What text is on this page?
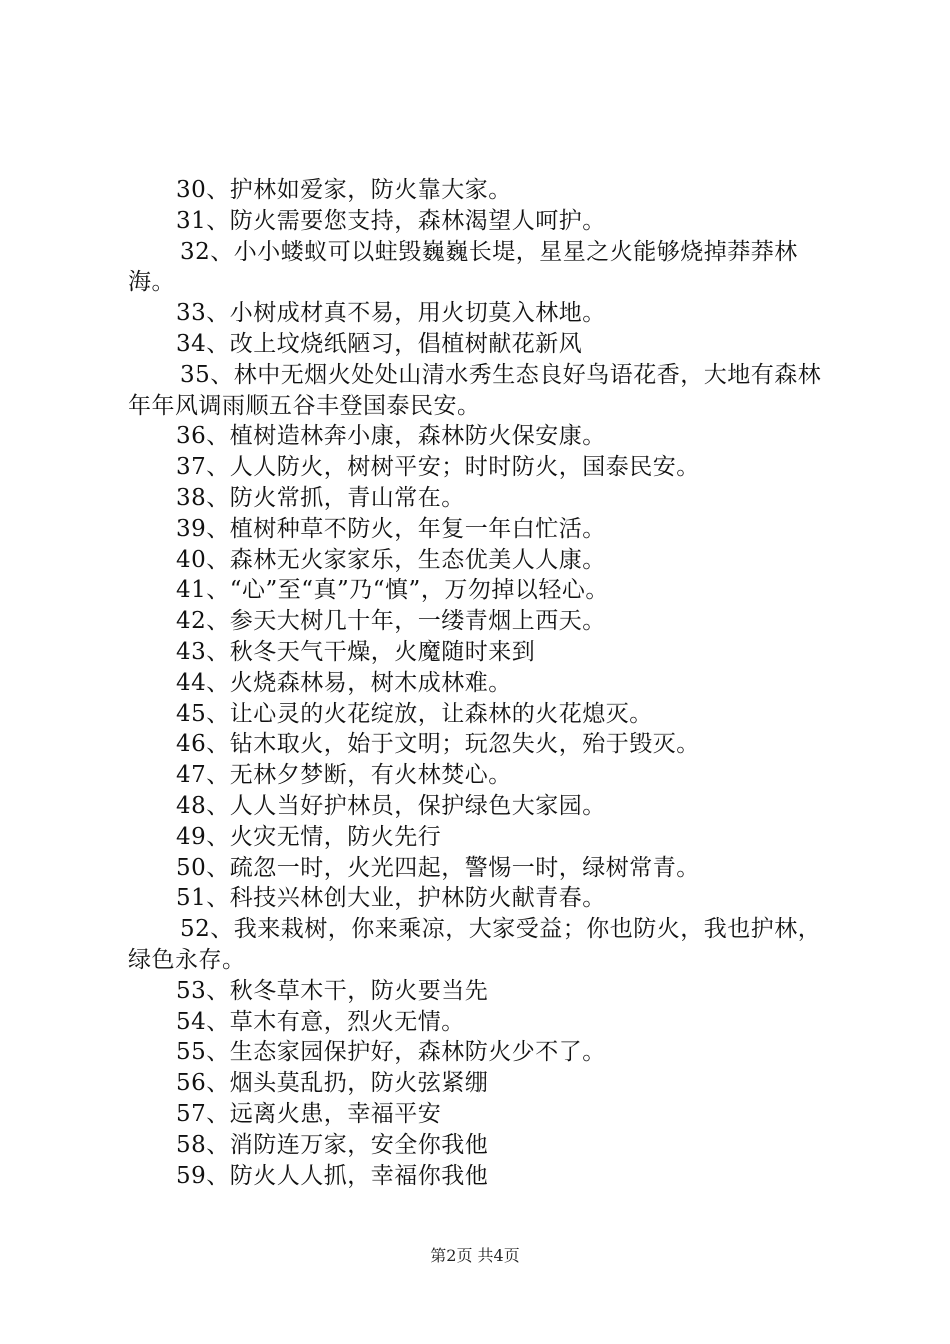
30、护林如爱家，防火靠大家。

31、防火需要您支持，森林渴望人呵护。

32、小小蝼蚁可以蛀毁巍巍长堤，星星之火能够烧掉莽莽林海。

33、小树成材真不易，用火切莫入林地。

34、改上坟烧纸陋习，倡植树献花新风

35、林中无烟火处处山清水秀生态良好鸟语花香，大地有森林年年风调雨顺五谷丰登国泰民安。

36、植树造林奔小康，森林防火保安康。

37、人人防火，树树平安；时时防火，国泰民安。

38、防火常抓，青山常在。

39、植树种草不防火，年复一年白忙活。

40、森林无火家家乐，生态优美人人康。

41、“心”至“真”乃“慎”，万勿掉以轻心。

42、参天大树几十年，一缕青烟上西天。

43、秋冬天气干燥，火魔随时来到

44、火烧森林易，树木成林难。

45、让心灵的火花绽放，让森林的火花熄灭。

46、钻木取火，始于文明；玩忽失火，殆于毁灭。

47、无林夕梦断，有火林焚心。

48、人人当好护林员，保护绿色大家园。

49、火灾无情，防火先行

50、疏忽一时，火光四起，警惕一时，绿树常青。

51、科技兴林创大业，护林防火献青春。

52、我来栽树，你来乘凉，大家受益；你也防火，我也护林，绿色永存。

53、秋冬草木干，防火要当先

54、草木有意，烈火无情。

55、生态家园保护好，森林防火少不了。

56、烟头莫乱扔，防火弦紧绷

57、远离火患，幸福平安

58、消防连万家，安全你我他

59、防火人人抓，幸福你我他

第2页 共4页
